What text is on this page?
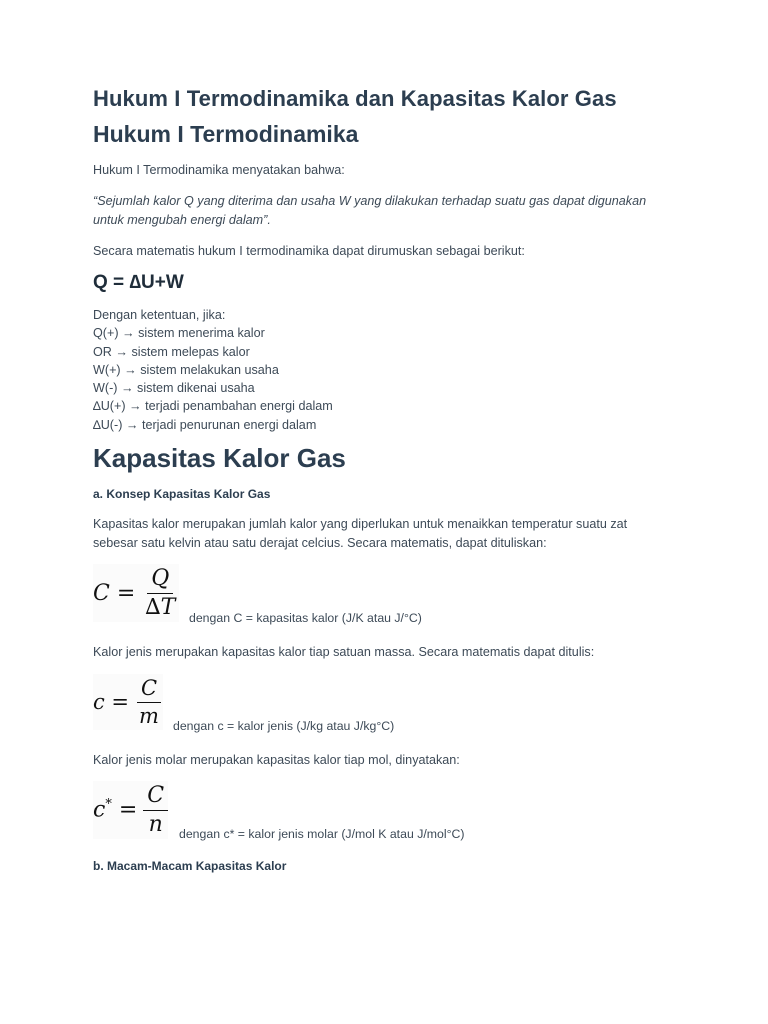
Hukum I Termodinamika dan Kapasitas Kalor Gas
Hukum I Termodinamika

Hukum I Termodinamika menyatakan bahwa:

“Sejumlah kalor Q yang diterima dan usaha W yang dilakukan terhadap suatu gas dapat digunakan untuk mengubah energi dalam”.

Secara matematis hukum I termodinamika dapat dirumuskan sebagai berikut:

Q = ∆U+W

Dengan ketentuan, jika:
Q(+) → sistem menerima kalor
OR → sistem melepas kalor
W(+) → sistem melakukan usaha
W(-) → sistem dikenai usaha
∆U(+) → terjadi penambahan energi dalam
∆U(-) → terjadi penurunan energi dalam
Kapasitas Kalor Gas

a. Konsep Kapasitas Kalor Gas

Kapasitas kalor merupakan jumlah kalor yang diperlukan untuk menaikkan temperatur suatu zat sebesar satu kelvin atau satu derajat celcius. Secara matematis, dapat dituliskan:

$C = \frac{Q}{\Delta T}$ dengan C = kapasitas kalor (J/K atau J/°C)

Kalor jenis merupakan kapasitas kalor tiap satuan massa. Secara matematis dapat ditulis:

$c = \frac{C}{m}$ dengan c = kalor jenis (J/kg atau J/kg°C)

Kalor jenis molar merupakan kapasitas kalor tiap mol, dinyatakan:

$c^* = \frac{C}{n}$ dengan c* = kalor jenis molar (J/mol K atau J/mol°C)

b. Macam-Macam Kapasitas Kalor
